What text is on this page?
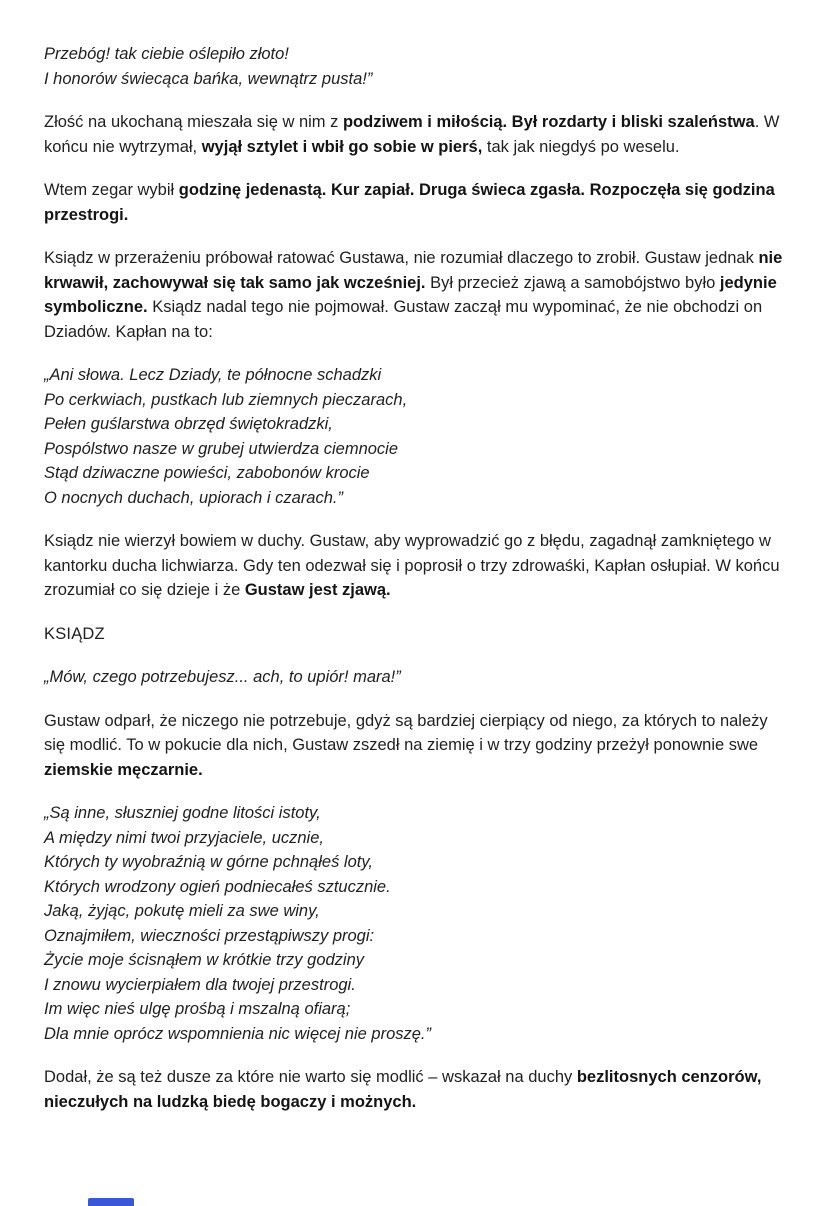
Przebóg! tak ciebie oślepiło złoto!
I honorów świecąca bańka, wewnątrz pusta!”

Złość na ukochaną mieszała się w nim z podziwem i miłością. Był rozdarty i bliski szaleństwa. W końcu nie wytrzymał, wyjął sztylet i wbił go sobie w pierś, tak jak niegdyś po weselu.

Wtem zegar wybił godzinę jedenastą. Kur zapiał. Druga świeca zgasła. Rozpoczęła się godzina przestrogi.

Ksiądz w przerażeniu próbował ratować Gustawa, nie rozumiał dlaczego to zrobił. Gustaw jednak nie krwawił, zachowywał się tak samo jak wcześniej. Był przecież zjawą a samobójstwo było jedynie symboliczne. Ksiądz nadal tego nie pojmował. Gustaw zaczął mu wypominać, że nie obchodzi on Dziadów. Kapłan na to:

„Ani słowa. Lecz Dziady, te północne schadzki
Po cerkwiach, pustkach lub ziemnych pieczarach,
Pełen guślarstwa obrzęd świętokradzki,
Pospólstwo nasze w grubej utwierdza ciemnocie
Stąd dziwaczne powieści, zabobonów krocie
O nocnych duchach, upiorach i czarach.”

Ksiądz nie wierzył bowiem w duchy. Gustaw, aby wyprowadzić go z błędu, zagadnął zamkniętego w kantorku ducha lichwiarza. Gdy ten odezwał się i poprosił o trzy zdrowaśki, Kapłan osłupiał. W końcu zrozumiał co się dzieje i że Gustaw jest zjawą.

KSIĄDZ

„Mów, czego potrzebujesz... ach, to upiór! mara!”

Gustaw odparł, że niczego nie potrzebuje, gdyż są bardziej cierpiący od niego, za których to należy się modlić. To w pokucie dla nich, Gustaw zszedł na ziemię i w trzy godziny przeżył ponownie swe ziemskie męczarnie.

„Są inne, słuszniej godne litości istoty,
A między nimi twoi przyjaciele, ucznie,
Których ty wyobraźnią w górne pchnąłeś loty,
Których wrodzony ogień podniecałeś sztucznie.
Jaką, żyjąc, pokutę mieli za swe winy,
Oznajmiłem, wieczności przestąpiwszy progi:
Życie moje ścisnąłem w krótkie trzy godziny
I znowu wycierpiałem dla twojej przestrogi.
Im więc nieś ulgę prośbą i mszalną ofiarą;
Dla mnie oprócz wspomnienia nic więcej nie proszę.”

Dodał, że są też dusze za które nie warto się modlić – wskazał na duchy bezlitosnych cenzorów, nieczułych na ludzką biedę bogaczy i możnych.
